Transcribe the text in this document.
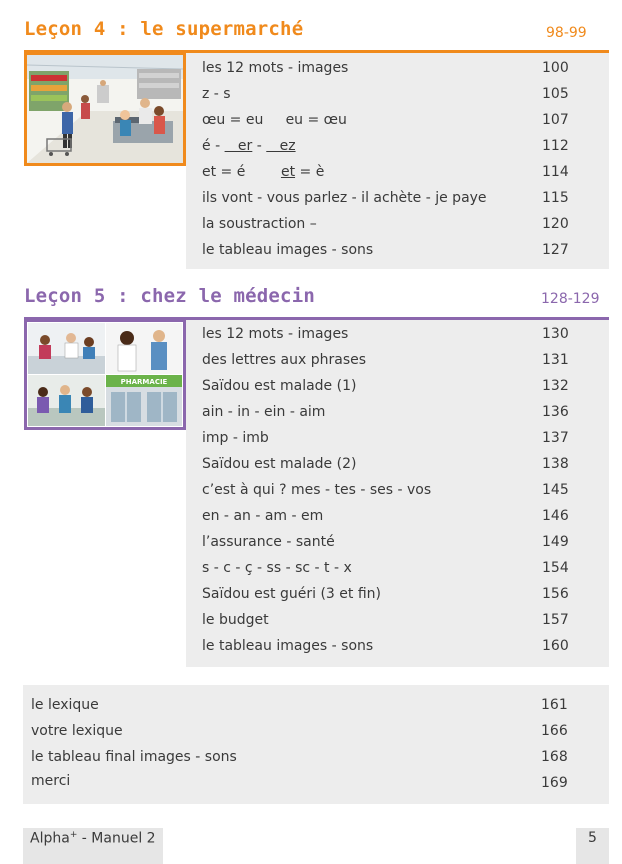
Leçon 4 : le supermarché	98-99
les 12 mots - images	100
z - s	105
œu = eu     eu = œu	107
é -    er -    ez	112
et = é        et = è	114
ils vont - vous parlez - il achète - je paye	115
la soustraction –	120
le tableau images - sons	127
Leçon 5 : chez le médecin	128-129
PHARMACIE
les 12 mots - images	130
des lettres aux phrases	131
Saïdou est malade (1)	132
ain - in - ein - aim	136
imp - imb	137
Saïdou est malade (2)	138
c’est à qui ? mes - tes - ses - vos	145
en - an - am - em	146
l’assurance - santé	149
s - c - ç - ss - sc - t - x	154
Saïdou est guéri (3 et fin)	156
le budget	157
le tableau images - sons	160
le lexique	161
votre lexique	166
le tableau final images - sons	168
merci	169
Alpha+ - Manuel 2	5
